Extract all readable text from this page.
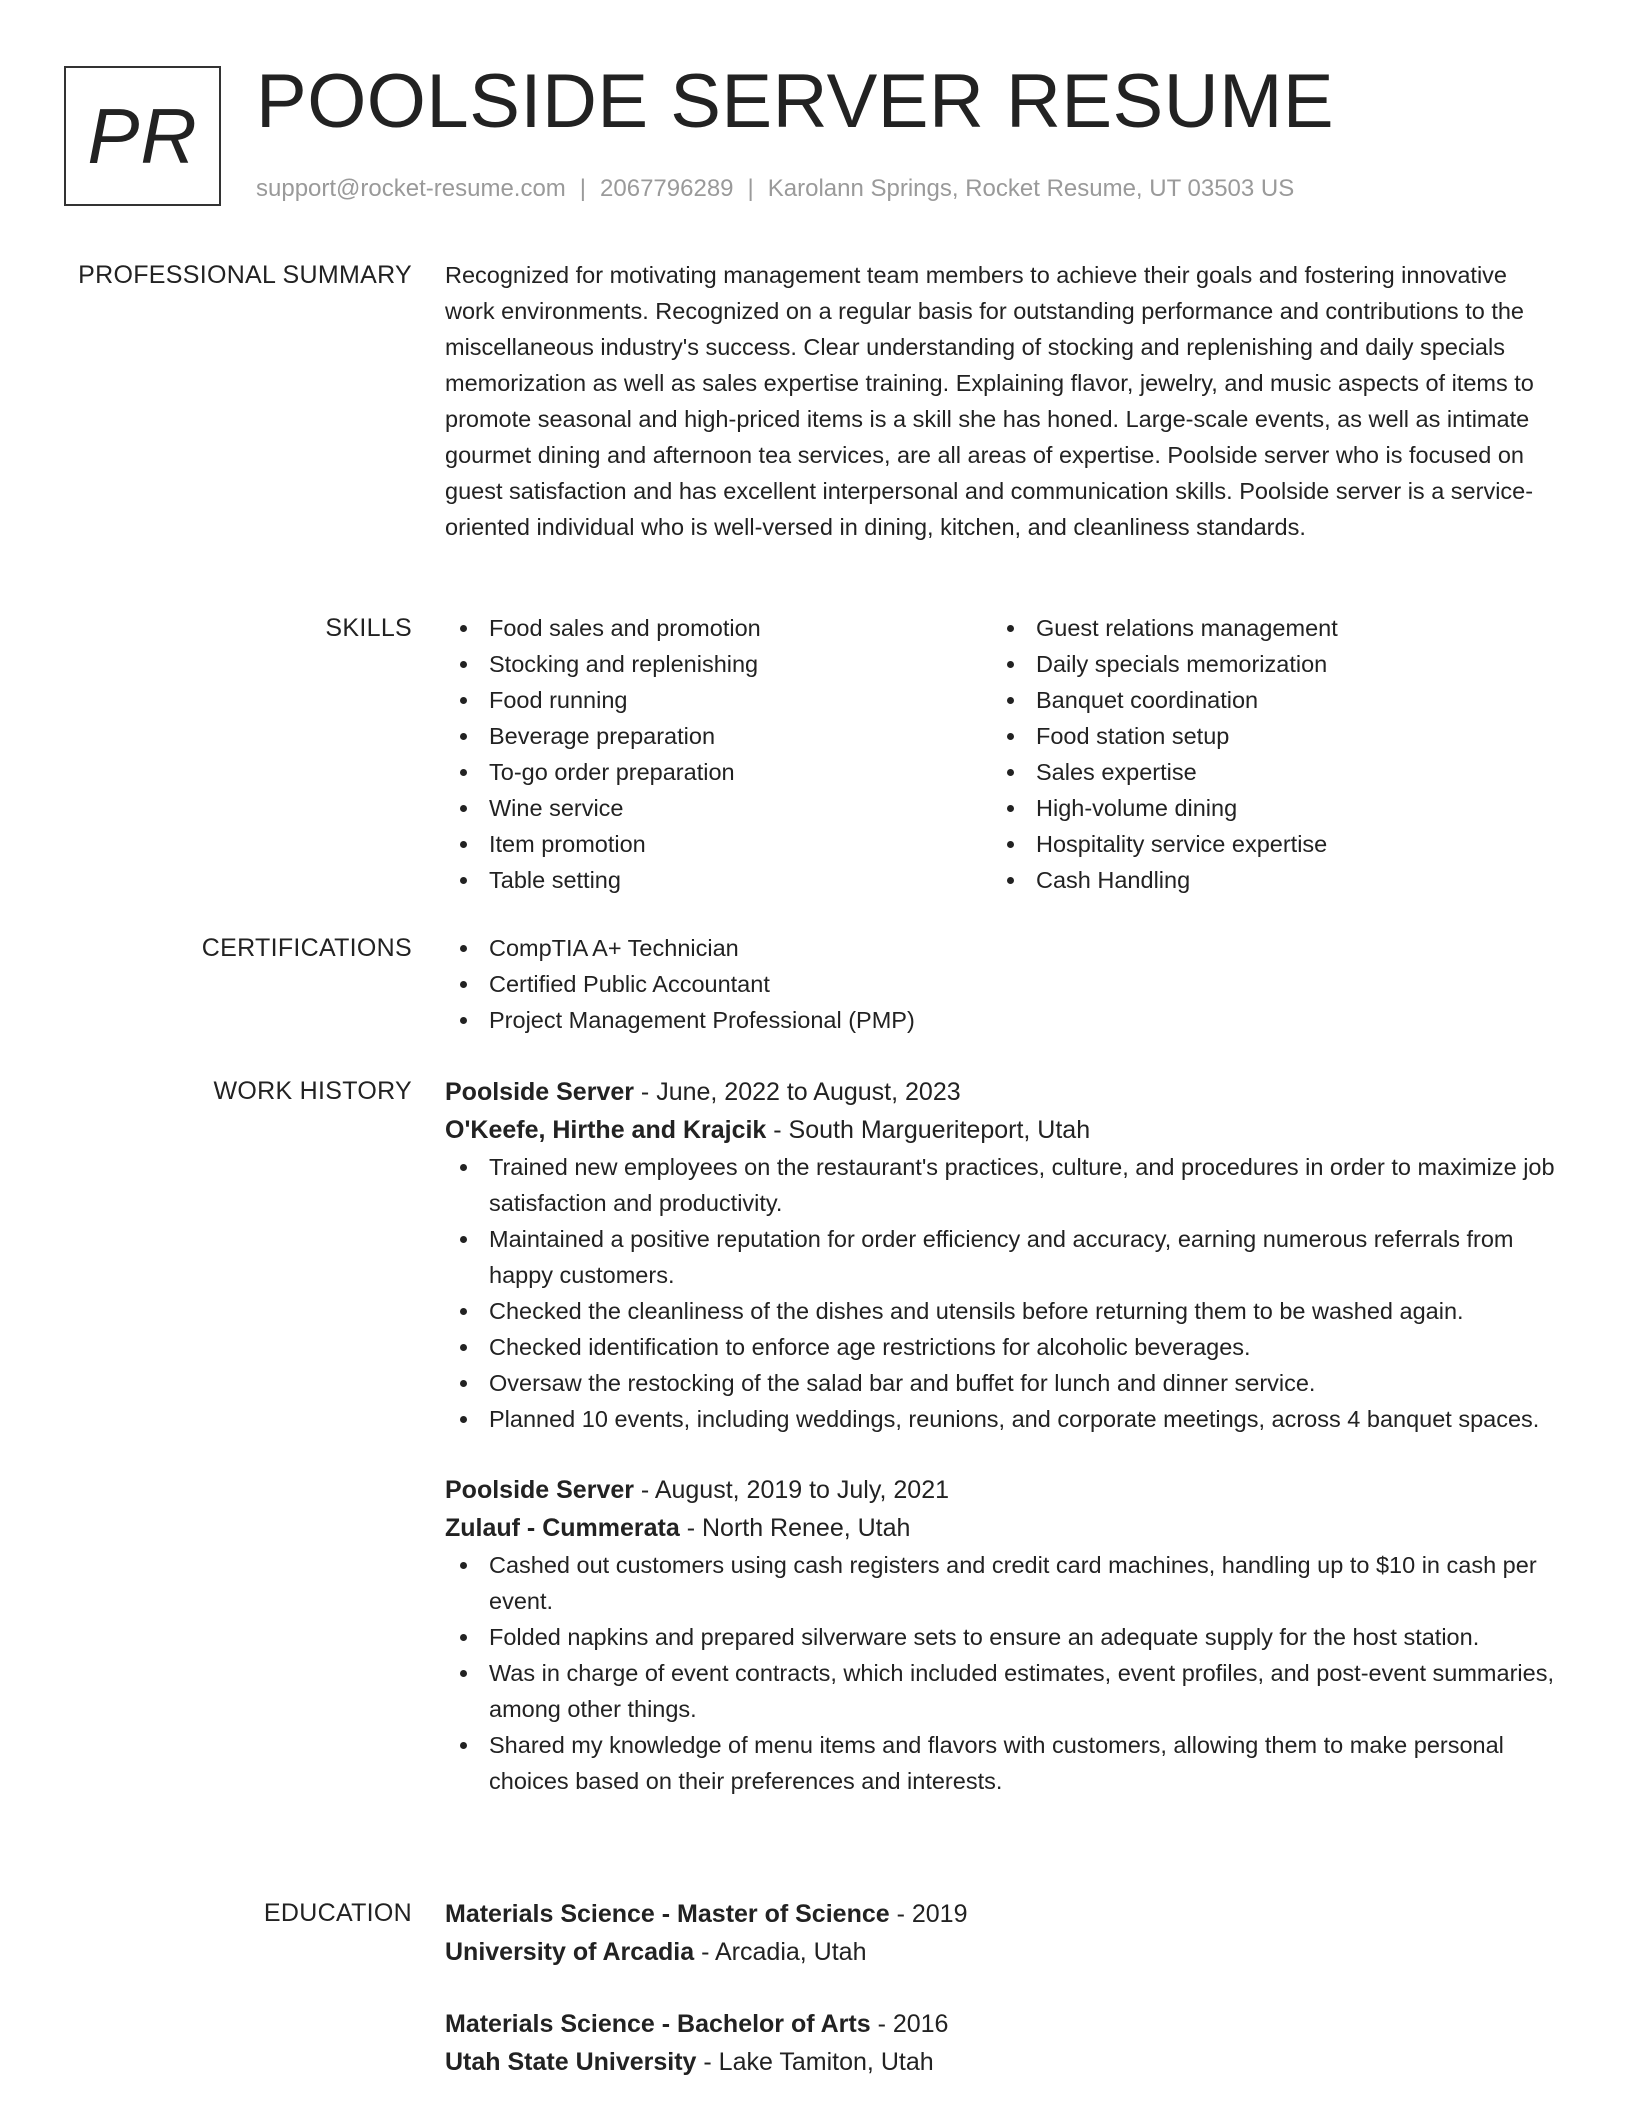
PR POOLSIDE SERVER RESUME
support@rocket-resume.com | 2067796289 | Karolann Springs, Rocket Resume, UT 03503 US
PROFESSIONAL SUMMARY Recognized for motivating management team members to achieve their goals and fostering innovative work environments. Recognized on a regular basis for outstanding performance and contributions to the miscellaneous industry's success. Clear understanding of stocking and replenishing and daily specials memorization as well as sales expertise training. Explaining flavor, jewelry, and music aspects of items to promote seasonal and high-priced items is a skill she has honed. Large-scale events, as well as intimate gourmet dining and afternoon tea services, are all areas of expertise. Poolside server who is focused on guest satisfaction and has excellent interpersonal and communication skills. Poolside server is a service-oriented individual who is well-versed in dining, kitchen, and cleanliness standards.

SKILLS	Food sales and promotion
Stocking and replenishing
Food running
Beverage preparation
To-go order preparation
Wine service
Item promotion
Table setting
Guest relations management
Daily specials memorization
Banquet coordination
Food station setup
Sales expertise
High-volume dining
Hospitality service expertise
Cash Handling
CERTIFICATIONS	CompTIA A+ Technician
Certified Public Accountant
Project Management Professional (PMP)
WORK HISTORY Poolside Server - June, 2022 to August, 2023
O'Keefe, Hirthe and Krajcik - South Margueriteport, Utah
Trained new employees on the restaurant's practices, culture, and procedures in order to maximize job satisfaction and productivity.
Maintained a positive reputation for order efficiency and accuracy, earning numerous referrals from happy customers.
Checked the cleanliness of the dishes and utensils before returning them to be washed again.
Checked identification to enforce age restrictions for alcoholic beverages.
Oversaw the restocking of the salad bar and buffet for lunch and dinner service.
Planned 10 events, including weddings, reunions, and corporate meetings, across 4 banquet spaces.
Poolside Server - August, 2019 to July, 2021
Zulauf - Cummerata - North Renee, Utah
Cashed out customers using cash registers and credit card machines, handling up to $10 in cash per event.
Folded napkins and prepared silverware sets to ensure an adequate supply for the host station.
Was in charge of event contracts, which included estimates, event profiles, and post-event summaries, among other things.
Shared my knowledge of menu items and flavors with customers, allowing them to make personal choices based on their preferences and interests.
EDUCATION Materials Science - Master of Science - 2019
University of Arcadia - Arcadia, Utah
Materials Science - Bachelor of Arts - 2016
Utah State University - Lake Tamiton, Utah
